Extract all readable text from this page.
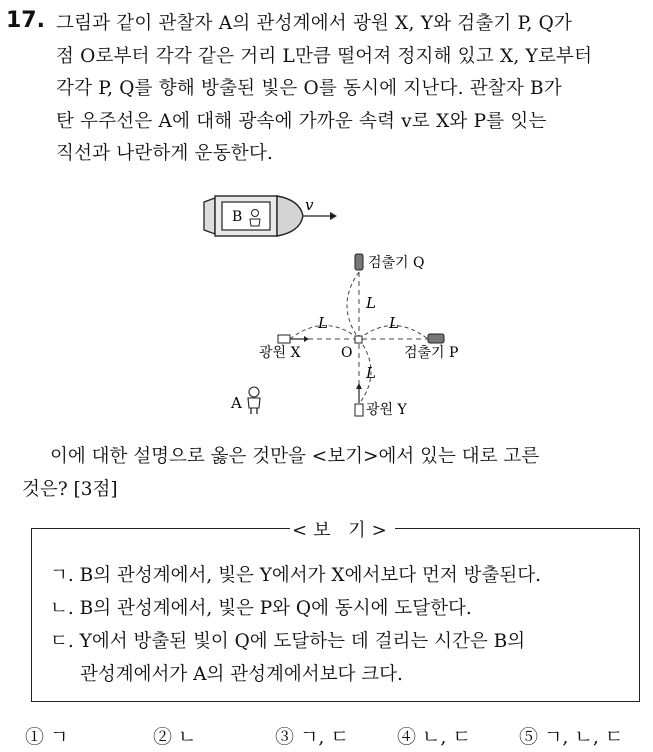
17. 그림과 같이 관찰자 A의 관성계에서 광원 X, Y와 검출기 P, Q가
점 O로부터 각각 같은 거리 L만큼 떨어져 정지해 있고 X, Y로부터
각각 P, Q를 향해 방출된 빛은 O를 동시에 지난다. 관찰자 B가
탄 우주선은 A에 대해 광속에 가까운 속력 v로 X와 P를 잇는
직선과 나란하게 운동한다.
B
v
L
L	L
L
검출기 Q
검출기 P
광원 X	O
광원 Y
A
이에 대한 설명으로 옳은 것만을 <보기>에서 있는 대로 고른
것은? [3점]
ㄱ. B의 관성계에서, 빛은 Y에서가 X에서보다 먼저 방출된다.
ㄴ. B의 관성계에서, 빛은 P와 Q에 동시에 도달한다.
ㄷ. Y에서 방출된 빛이 Q에 도달하는 데 걸리는 시간은 B의
관성계에서가 A의 관성계에서보다 크다.
<보 기>
① ㄱ	② ㄴ	③ ㄱ, ㄷ	④ ㄴ, ㄷ	⑤ ㄱ, ㄴ, ㄷ
